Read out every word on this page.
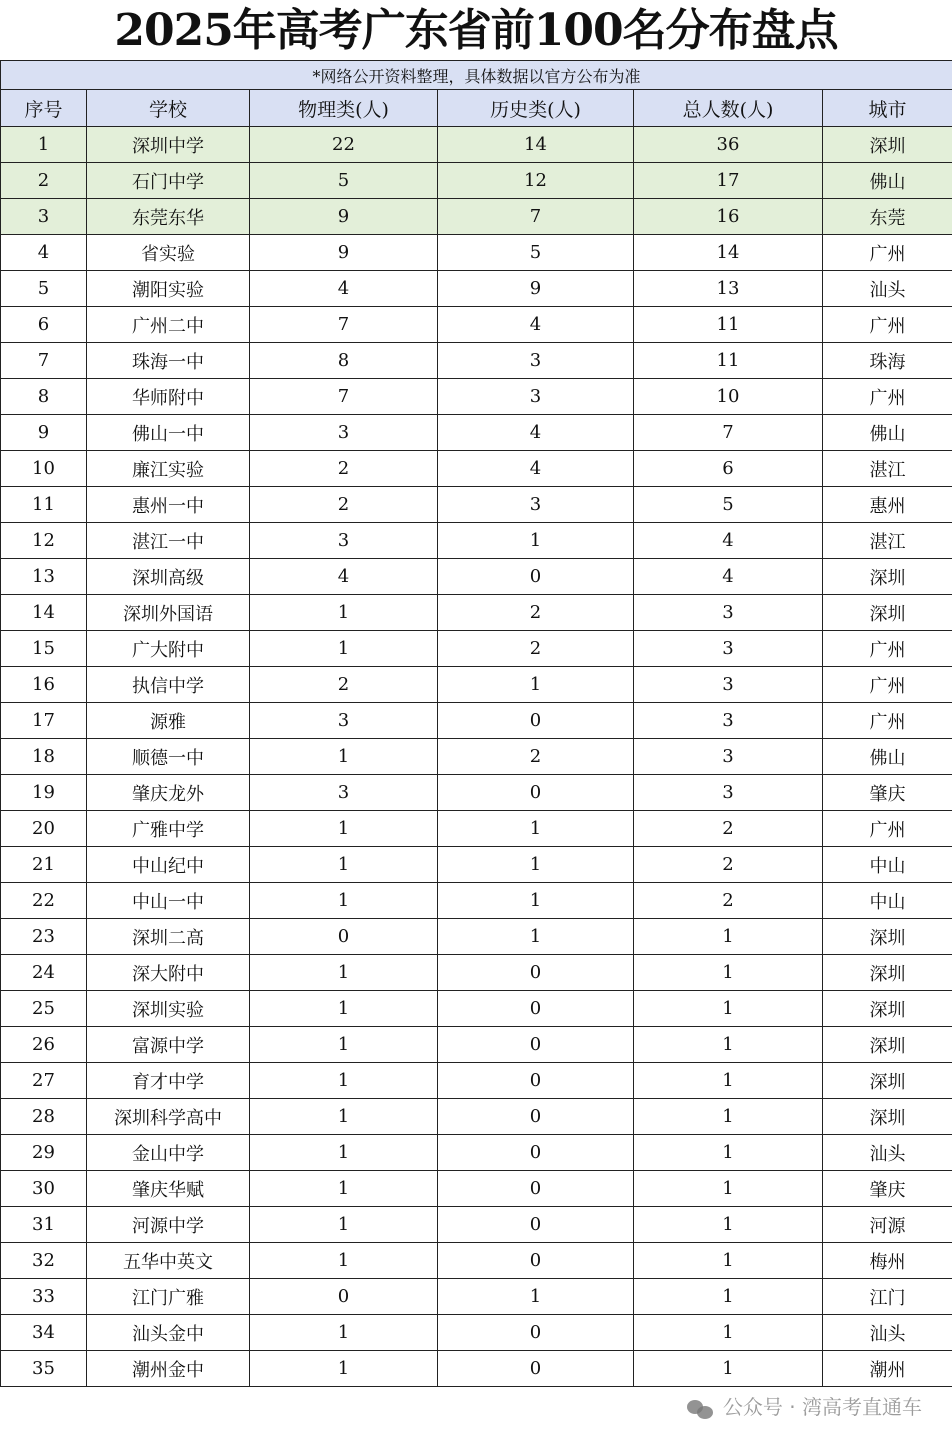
2025年高考广东省前100名分布盘点
*网络公开资料整理，具体数据以官方公布为准					
序号	学校	物理类(人)	历史类(人)	总人数(人)	城市
1	深圳中学	22	14	36	深圳
2	石门中学	5	12	17	佛山
3	东莞东华	9	7	16	东莞
4	省实验	9	5	14	广州
5	潮阳实验	4	9	13	汕头
6	广州二中	7	4	11	广州
7	珠海一中	8	3	11	珠海
8	华师附中	7	3	10	广州
9	佛山一中	3	4	7	佛山
10	廉江实验	2	4	6	湛江
11	惠州一中	2	3	5	惠州
12	湛江一中	3	1	4	湛江
13	深圳高级	4	0	4	深圳
14	深圳外国语	1	2	3	深圳
15	广大附中	1	2	3	广州
16	执信中学	2	1	3	广州
17	源雅	3	0	3	广州
18	顺德一中	1	2	3	佛山
19	肇庆龙外	3	0	3	肇庆
20	广雅中学	1	1	2	广州
21	中山纪中	1	1	2	中山
22	中山一中	1	1	2	中山
23	深圳二高	0	1	1	深圳
24	深大附中	1	0	1	深圳
25	深圳实验	1	0	1	深圳
26	富源中学	1	0	1	深圳
27	育才中学	1	0	1	深圳
28	深圳科学高中	1	0	1	深圳
29	金山中学	1	0	1	汕头
30	肇庆华赋	1	0	1	肇庆
31	河源中学	1	0	1	河源
32	五华中英文	1	0	1	梅州
33	江门广雅	0	1	1	江门
34	汕头金中	1	0	1	汕头
35	潮州金中	1	0	1	潮州
公众号 · 湾高考直通车
